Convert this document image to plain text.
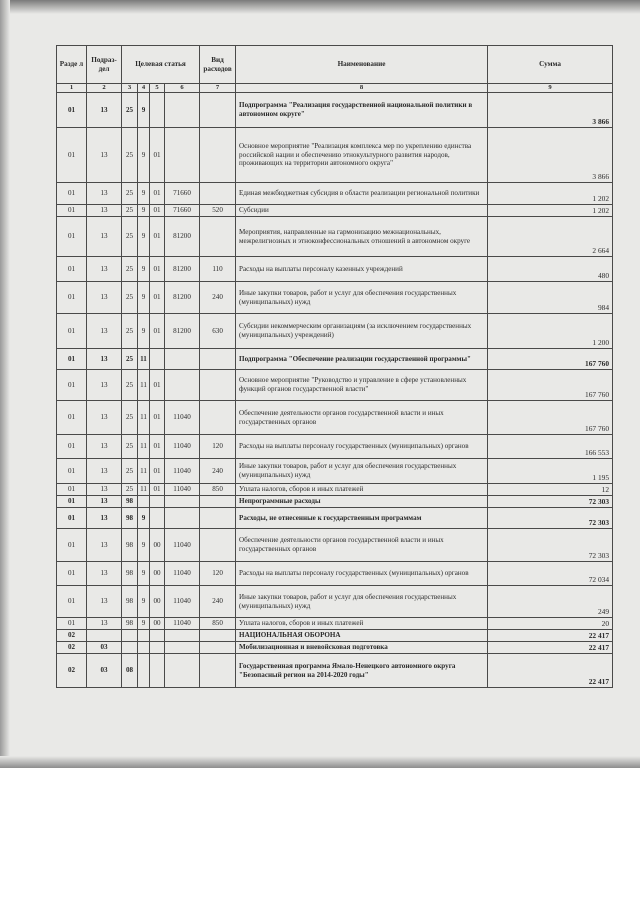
Разде л	Подраз- дел	Целевая статья				Вид расходов	Наименование	Сумма
1	2	3	4	5	6	7	8	9
01	13	25	9				Подпрограмма "Реализация государственной национальной политики в автономном округе"	3 866
01	13	25	9	01			Основное мероприятие "Реализация комплекса мер по укреплению единства российской нации и обеспечению этнокультурного развития народов, проживающих на территории автономного округа"	3 866
01	13	25	9	01	71660		Единая межбюджетная субсидия в области реализации региональной политики	1 202
01	13	25	9	01	71660	520	Субсидии	1 202
01	13	25	9	01	81200		Мероприятия, направленные на гармонизацию межнациональных, межрелигиозных и этноконфессиональных отношений в автономном округе	2 664
01	13	25	9	01	81200	110	Расходы на выплаты персоналу казенных учреждений	480
01	13	25	9	01	81200	240	Иные закупки товаров, работ и услуг для обеспечения государственных (муниципальных) нужд	984
01	13	25	9	01	81200	630	Субсидии некоммерческим организациям (за исключением государственных (муниципальных) учреждений)	1 200
01	13	25	11				Подпрограмма "Обеспечение реализации государственной программы"	167 760
01	13	25	11	01			Основное мероприятие "Руководство и управление в сфере установленных функций органов государственной власти"	167 760
01	13	25	11	01	11040		Обеспечение деятельности органов государственной власти и иных государственных органов	167 760
01	13	25	11	01	11040	120	Расходы на выплаты персоналу государственных (муниципальных) органов	166 553
01	13	25	11	01	11040	240	Иные закупки товаров, работ и услуг для обеспечения государственных (муниципальных) нужд	1 195
01	13	25	11	01	11040	850	Уплата налогов, сборов и иных платежей	12
01	13	98					Непрограммные расходы	72 303
01	13	98	9				Расходы, не отнесенные к государственным программам	72 303
01	13	98	9	00	11040		Обеспечение деятельности органов государственной власти и иных государственных органов	72 303
01	13	98	9	00	11040	120	Расходы на выплаты персоналу государственных (муниципальных) органов	72 034
01	13	98	9	00	11040	240	Иные закупки товаров, работ и услуг для обеспечения государственных (муниципальных) нужд	249
01	13	98	9	00	11040	850	Уплата налогов, сборов и иных платежей	20
02							НАЦИОНАЛЬНАЯ ОБОРОНА	22 417
02	03						Мобилизационная и вневойсковая подготовка	22 417
02	03	08					Государственная программа Ямало-Ненецкого автономного округа "Безопасный регион на 2014-2020 годы"	22 417
